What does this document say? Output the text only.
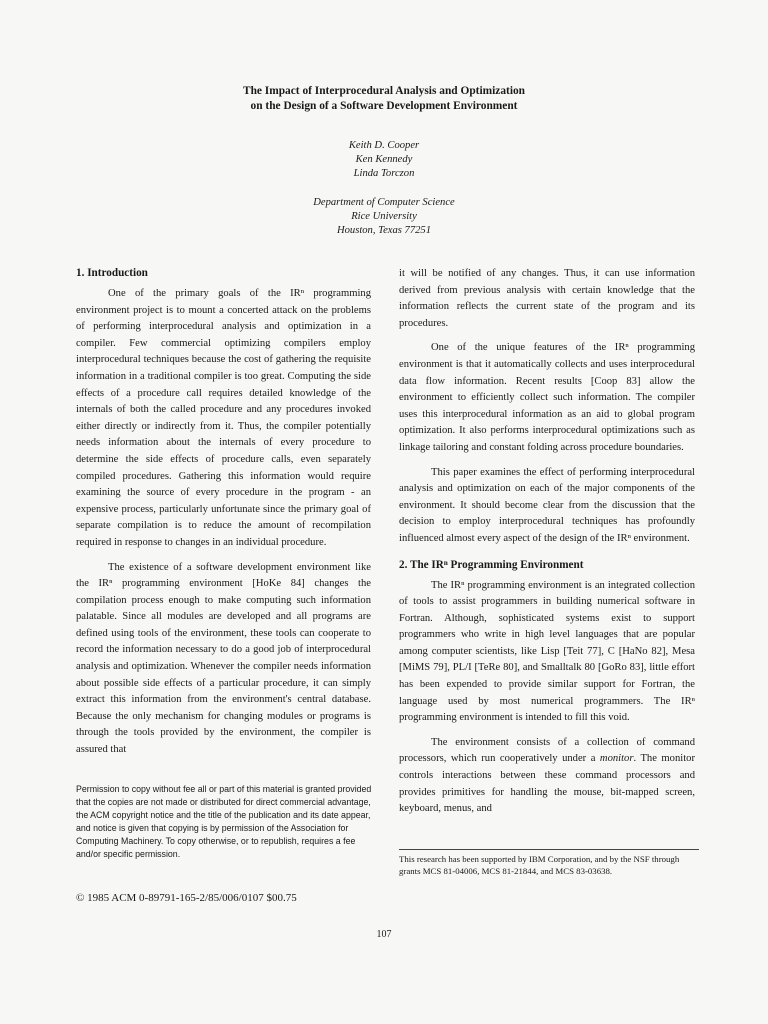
The Impact of Interprocedural Analysis and Optimization
on the Design of a Software Development Environment
Keith D. Cooper
Ken Kennedy
Linda Torczon
Department of Computer Science
Rice University
Houston, Texas 77251
1. Introduction

One of the primary goals of the IRⁿ programming environment project is to mount a concerted attack on the problems of performing interprocedural analysis and optimization in a compiler. Few commercial optimizing compilers employ interprocedural techniques because the cost of gathering the requisite information in a traditional compiler is too great. Computing the side effects of a procedure call requires detailed knowledge of the internals of both the called procedure and any procedures invoked either directly or indirectly from it. Thus, the compiler potentially needs information about the internals of every procedure to determine the side effects of procedure calls, even separately compiled procedures. Gathering this information would require examining the source of every procedure in the program - an expensive process, particularly unfortunate since the primary goal of separate compilation is to reduce the amount of recompilation required in response to changes in an individual procedure.

The existence of a software development environment like the IRⁿ programming environment [HoKe 84] changes the compilation process enough to make computing such information palatable. Since all modules are developed and all programs are defined using tools of the environment, these tools can cooperate to record the information necessary to do a good job of interprocedural analysis and optimization. Whenever the compiler needs information about possible side effects of a particular procedure, it can simply extract this information from the environment's central database. Because the only mechanism for changing modules or programs is through the tools provided by the environment, the compiler is assured that

it will be notified of any changes. Thus, it can use information derived from previous analysis with certain knowledge that the information reflects the current state of the program and its procedures.

One of the unique features of the IRⁿ programming environment is that it automatically collects and uses interprocedural data flow information. Recent results [Coop 83] allow the environment to efficiently collect such information. The compiler uses this interprocedural information as an aid to global program optimization. It also performs interprocedural optimizations such as linkage tailoring and constant folding across procedure boundaries.

This paper examines the effect of performing interprocedural analysis and optimization on each of the major components of the environment. It should become clear from the discussion that the decision to employ interprocedural techniques has profoundly influenced almost every aspect of the design of the IRⁿ environment.

2. The IRⁿ Programming Environment

The IRⁿ programming environment is an integrated collection of tools to assist programmers in building numerical software in Fortran. Although, sophisticated systems exist to support programmers who write in high level languages that are popular among computer scientists, like Lisp [Teit 77], C [HaNo 82], Mesa [MiMS 79], PL/I [TeRe 80], and Smalltalk 80 [GoRo 83], little effort has been expended to provide similar support for Fortran, the language used by most numerical programmers. The IRⁿ programming environment is intended to fill this void.

The environment consists of a collection of command processors, which run cooperatively under a monitor. The monitor controls interactions between these command processors and provides primitives for handling the mouse, bit-mapped screen, keyboard, menus, and

Permission to copy without fee all or part of this material is granted provided that the copies are not made or distributed for direct commercial advantage, the ACM copyright notice and the title of the publication and its date appear, and notice is given that copying is by permission of the Association for Computing Machinery. To copy otherwise, or to republish, requires a fee and/or specific permission.
© 1985 ACM 0-89791-165-2/85/006/0107 $00.75
This research has been supported by IBM Corporation, and by the NSF through grants MCS 81-04006, MCS 81-21844, and MCS 83-03638.
107
